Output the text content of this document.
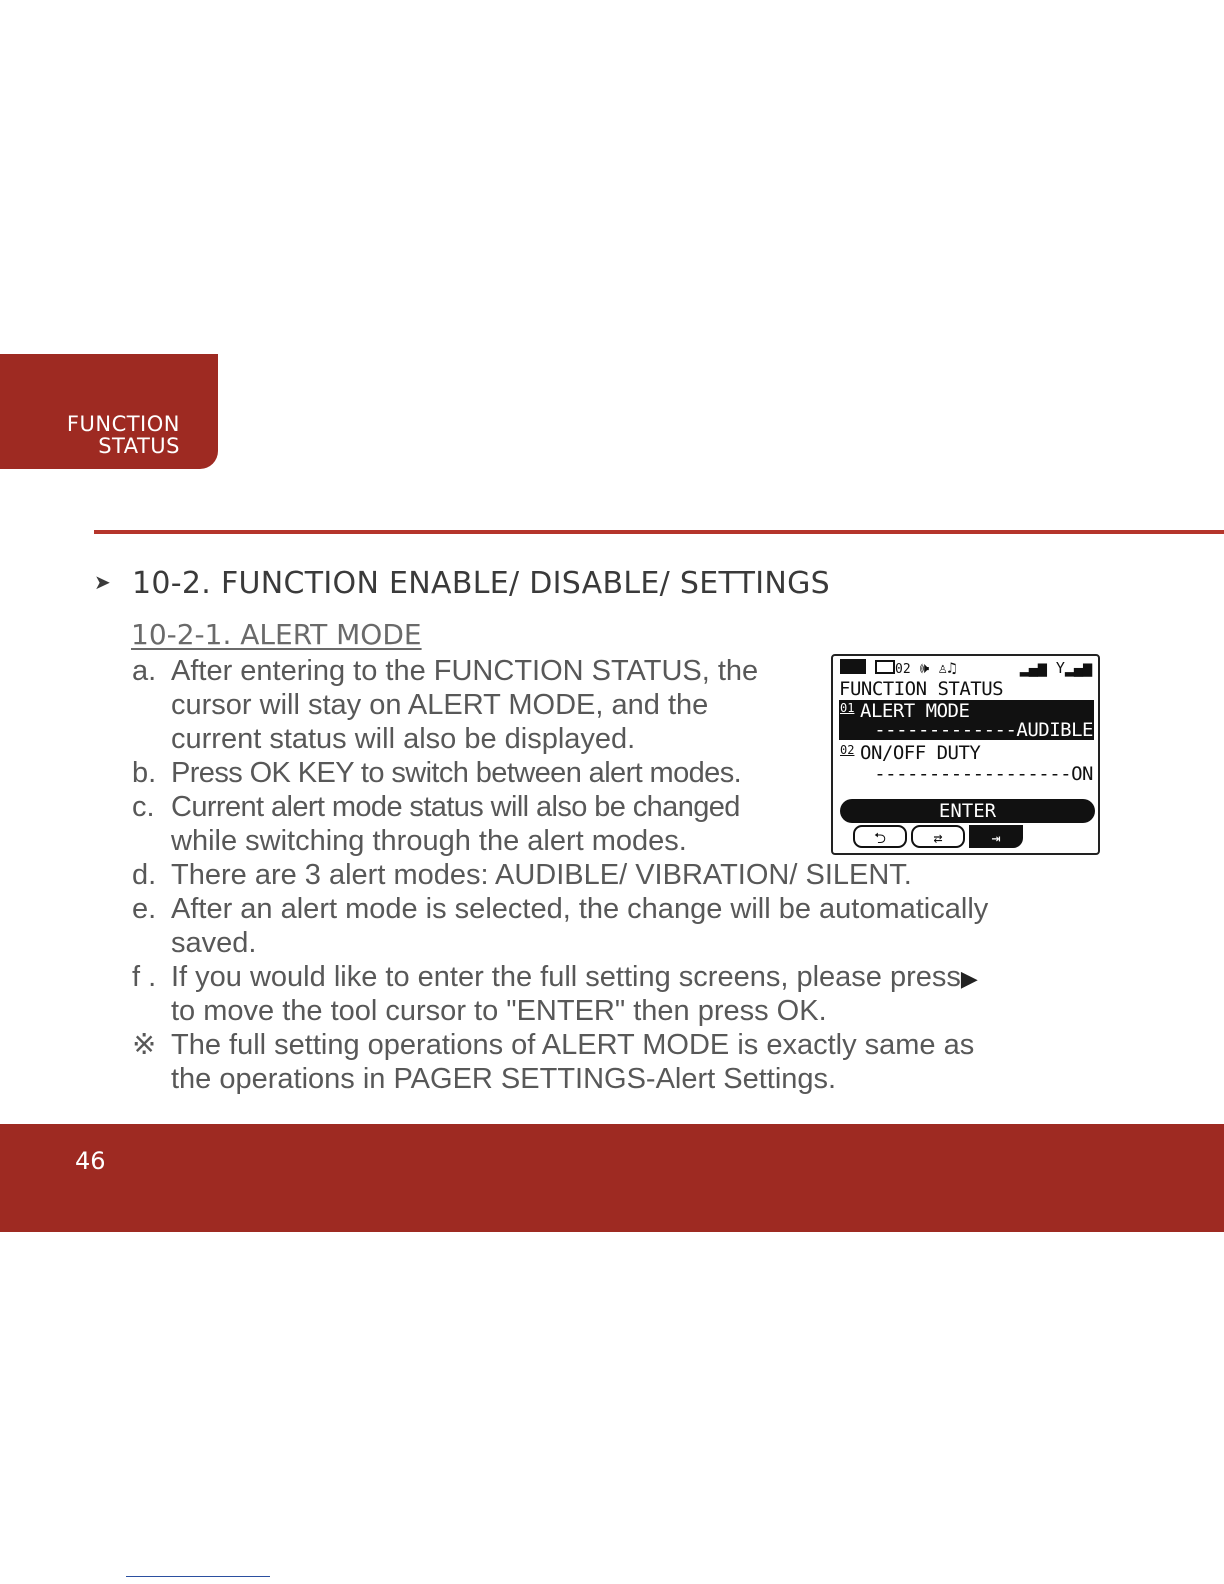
FUNCTION
STATUS
➤ 10-2. FUNCTION ENABLE/ DISABLE/ SETTINGS
10-2-1. ALERT MODE
a. After entering to the FUNCTION STATUS, the
cursor will stay on ALERT MODE, and the
current status will also be displayed.
b. Press OK KEY to switch between alert modes.
c. Current alert mode status will also be changed
while switching through the alert modes.
d. There are 3 alert modes: AUDIBLE/ VIBRATION/ SILENT.
e. After an alert mode is selected, the change will be automatically
saved.
f . If you would like to enter the full setting screens, please press▶
to move the tool cursor to "ENTER" then press OK.
※ The full setting operations of ALERT MODE is exactly same as
the operations in PAGER SETTINGS-Alert Settings.
02 🕪 ♙♫	▂▄▆ Y▂▄▆
FUNCTION STATUS
01 ALERT MODE
-------------AUDIBLE
02 ON/OFF DUTY
------------------ON
ENTER
⮌	⇄	⇥
46
